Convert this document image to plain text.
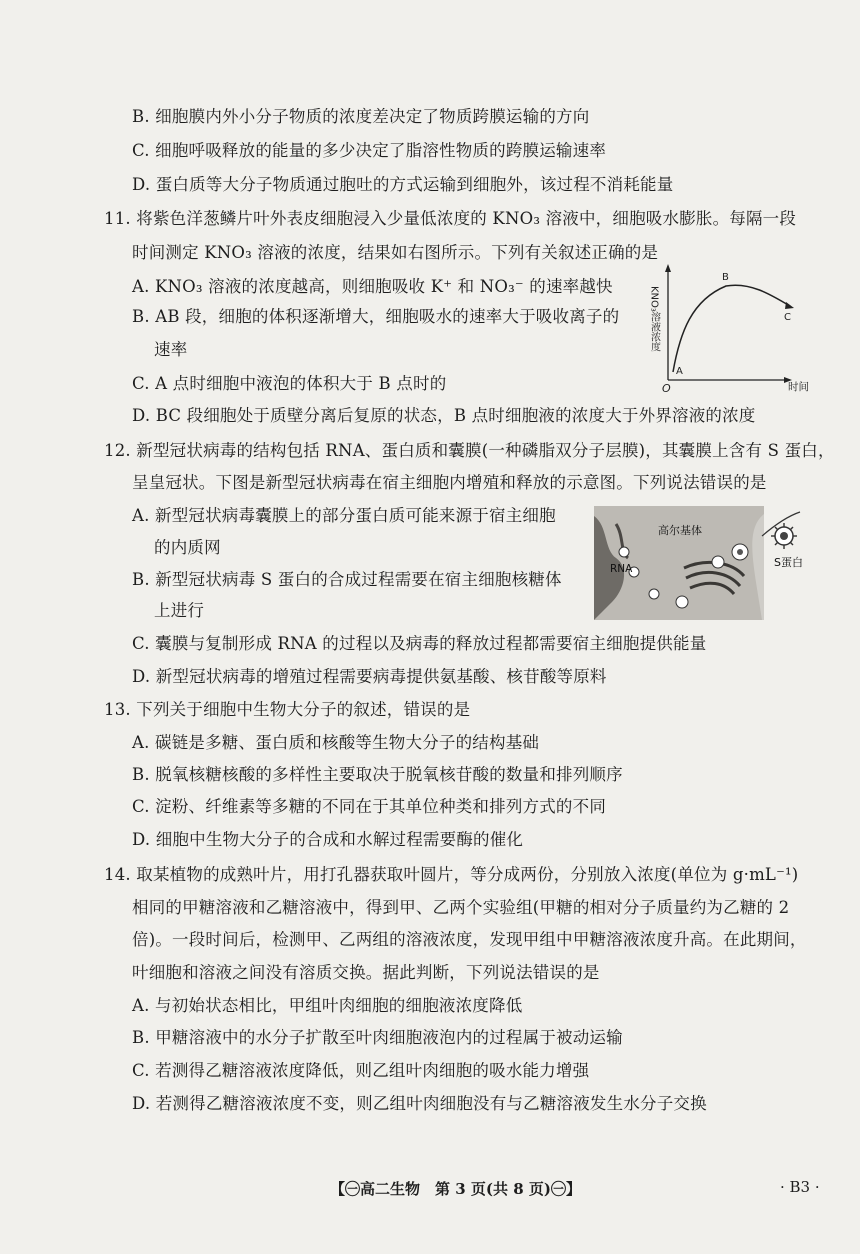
B. 细胞膜内外小分子物质的浓度差决定了物质跨膜运输的方向
C. 细胞呼吸释放的能量的多少决定了脂溶性物质的跨膜运输速率
D. 蛋白质等大分子物质通过胞吐的方式运输到细胞外，该过程不消耗能量
11. 将紫色洋葱鳞片叶外表皮细胞浸入少量低浓度的 KNO₃ 溶液中，细胞吸水膨胀。每隔一段
时间测定 KNO₃ 溶液的浓度，结果如右图所示。下列有关叙述正确的是
A. KNO₃ 溶液的浓度越高，则细胞吸收 K⁺ 和 NO₃⁻ 的速率越快
B. AB 段，细胞的体积逐渐增大，细胞吸水的速率大于吸收离子的
速率
C. A 点时细胞中液泡的体积大于 B 点时的
D. BC 段细胞处于质壁分离后复原的状态，B 点时细胞液的浓度大于外界溶液的浓度
KNO₃溶液浓度
O
A
B
C
时间
12. 新型冠状病毒的结构包括 RNA、蛋白质和囊膜(一种磷脂双分子层膜)，其囊膜上含有 S 蛋白，
呈皇冠状。下图是新型冠状病毒在宿主细胞内增殖和释放的示意图。下列说法错误的是
A. 新型冠状病毒囊膜上的部分蛋白质可能来源于宿主细胞
的内质网
B. 新型冠状病毒 S 蛋白的合成过程需要在宿主细胞核糖体
上进行
高尔基体
RNA	S蛋白
C. 囊膜与复制形成 RNA 的过程以及病毒的释放过程都需要宿主细胞提供能量
D. 新型冠状病毒的增殖过程需要病毒提供氨基酸、核苷酸等原料
13. 下列关于细胞中生物大分子的叙述，错误的是
A. 碳链是多糖、蛋白质和核酸等生物大分子的结构基础
B. 脱氧核糖核酸的多样性主要取决于脱氧核苷酸的数量和排列顺序
C. 淀粉、纤维素等多糖的不同在于其单位种类和排列方式的不同
D. 细胞中生物大分子的合成和水解过程需要酶的催化
14. 取某植物的成熟叶片，用打孔器获取叶圆片，等分成两份，分别放入浓度(单位为 g·mL⁻¹)
相同的甲糖溶液和乙糖溶液中，得到甲、乙两个实验组(甲糖的相对分子质量约为乙糖的 2
倍)。一段时间后，检测甲、乙两组的溶液浓度，发现甲组中甲糖溶液浓度升高。在此期间，
叶细胞和溶液之间没有溶质交换。据此判断，下列说法错误的是
A. 与初始状态相比，甲组叶肉细胞的细胞液浓度降低
B. 甲糖溶液中的水分子扩散至叶肉细胞液泡内的过程属于被动运输
C. 若测得乙糖溶液浓度降低，则乙组叶肉细胞的吸水能力增强
D. 若测得乙糖溶液浓度不变，则乙组叶肉细胞没有与乙糖溶液发生水分子交换
【㊀高二生物　第 3 页(共 8 页)㊀】	· B3 ·
